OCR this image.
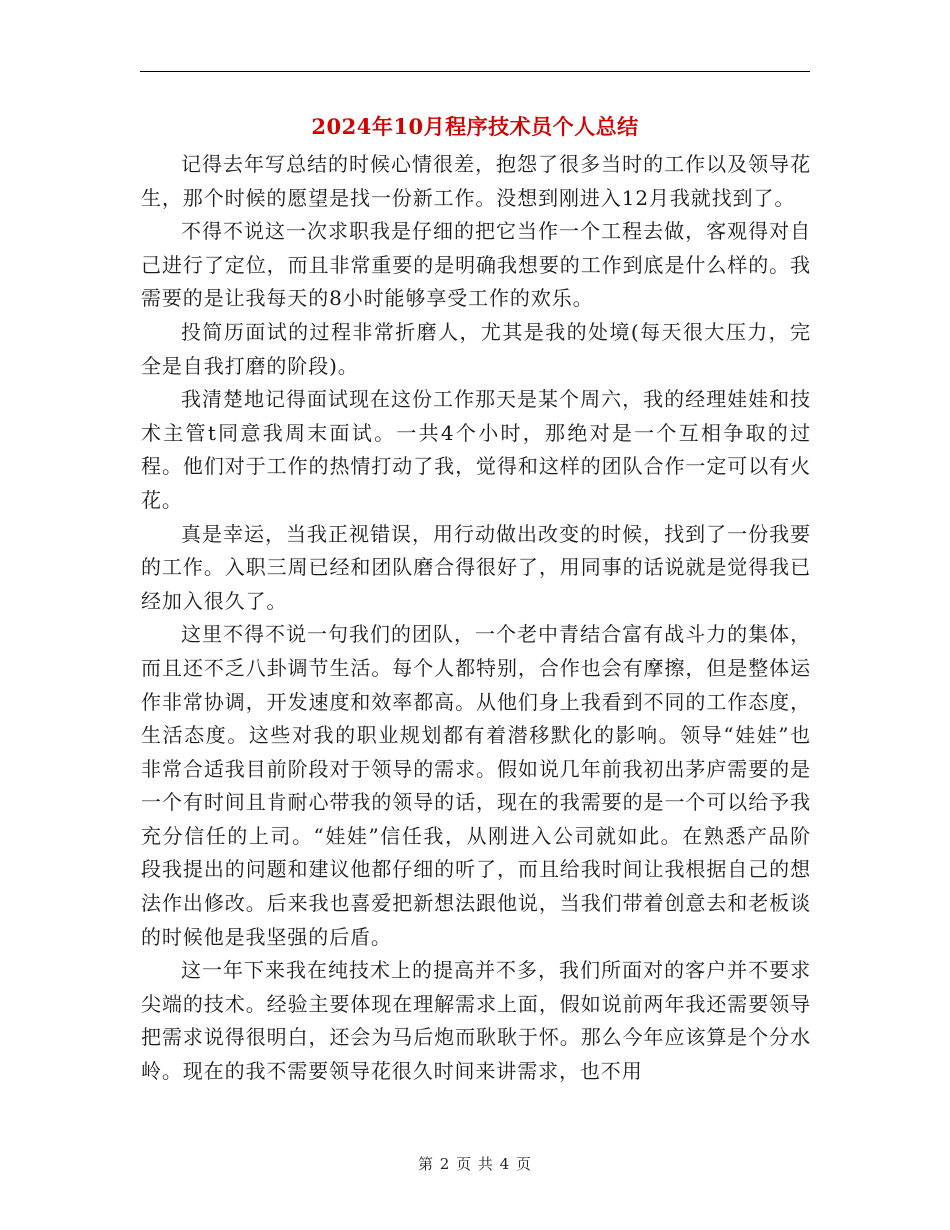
2024年10月程序技术员个人总结

记得去年写总结的时候心情很差，抱怨了很多当时的工作以及领导花生，那个时候的愿望是找一份新工作。没想到刚进入12月我就找到了。

不得不说这一次求职我是仔细的把它当作一个工程去做，客观得对自己进行了定位，而且非常重要的是明确我想要的工作到底是什么样的。我需要的是让我每天的8小时能够享受工作的欢乐。

投简历面试的过程非常折磨人，尤其是我的处境(每天很大压力，完全是自我打磨的阶段)。

我清楚地记得面试现在这份工作那天是某个周六，我的经理娃娃和技术主管t同意我周末面试。一共4个小时，那绝对是一个互相争取的过程。他们对于工作的热情打动了我，觉得和这样的团队合作一定可以有火花。

真是幸运，当我正视错误，用行动做出改变的时候，找到了一份我要的工作。入职三周已经和团队磨合得很好了，用同事的话说就是觉得我已经加入很久了。

这里不得不说一句我们的团队，一个老中青结合富有战斗力的集体，而且还不乏八卦调节生活。每个人都特别，合作也会有摩擦，但是整体运作非常协调，开发速度和效率都高。从他们身上我看到不同的工作态度，生活态度。这些对我的职业规划都有着潜移默化的影响。领导“娃娃”也非常合适我目前阶段对于领导的需求。假如说几年前我初出茅庐需要的是一个有时间且肯耐心带我的领导的话，现在的我需要的是一个可以给予我充分信任的上司。“娃娃”信任我，从刚进入公司就如此。在熟悉产品阶段我提出的问题和建议他都仔细的听了，而且给我时间让我根据自己的想法作出修改。后来我也喜爱把新想法跟他说，当我们带着创意去和老板谈的时候他是我坚强的后盾。

这一年下来我在纯技术上的提高并不多，我们所面对的客户并不要求尖端的技术。经验主要体现在理解需求上面，假如说前两年我还需要领导把需求说得很明白，还会为马后炮而耿耿于怀。那么今年应该算是个分水岭。现在的我不需要领导花很久时间来讲需求，也不用

第 2 页 共 4 页
